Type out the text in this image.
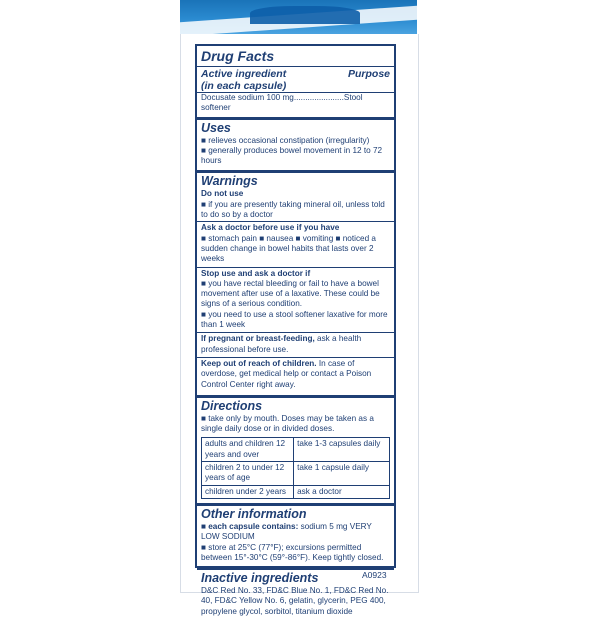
Drug Facts
Active ingredient	Purpose
(in each capsule)
Docusate sodium 100 mg......................Stool softener
Uses
■ relieves occasional constipation (irregularity)
■ generally produces bowel movement in 12 to 72 hours
Warnings
Do not use
■ if you are presently taking mineral oil, unless told to do so by a doctor
Ask a doctor before use if you have
■ stomach pain ■ nausea ■ vomiting ■ noticed a sudden change in bowel habits that lasts over 2 weeks
Stop use and ask a doctor if
■ you have rectal bleeding or fail to have a bowel movement after use of a laxative. These could be signs of a serious condition.
■ you need to use a stool softener laxative for more than 1 week
If pregnant or breast-feeding, ask a health professional before use.
Keep out of reach of children. In case of overdose, get medical help or contact a Poison Control Center right away.
Directions
■ take only by mouth. Doses may be taken as a single daily dose or in divided doses.
adults and children 12 years and over	take 1-3 capsules daily
children 2 to under 12 years of age	take 1 capsule daily
children under 2 years	ask a doctor
Other information
■ each capsule contains: sodium 5 mg VERY LOW SODIUM
■ store at 25°C (77°F); excursions permitted between 15°-30°C (59°-86°F). Keep tightly closed.
Inactive ingredients
D&C Red No. 33, FD&C Blue No. 1, FD&C Red No. 40, FD&C Yellow No. 6, gelatin, glycerin, PEG 400, propylene glycol, sorbitol, titanium dioxide
A0923
